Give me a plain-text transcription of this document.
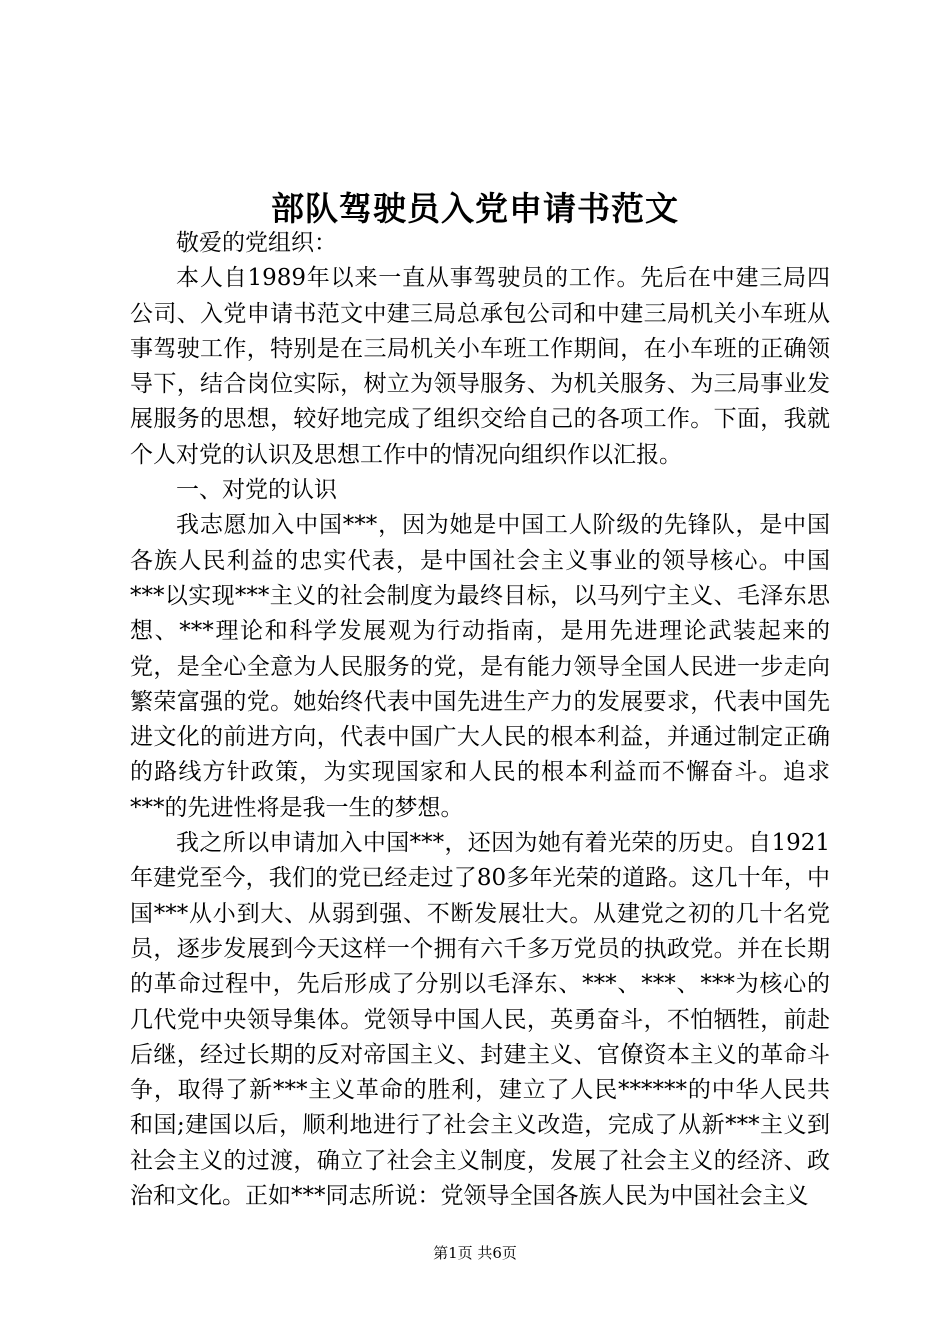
部队驾驶员入党申请书范文

敬爱的党组织：

本人自1989年以来一直从事驾驶员的工作。先后在中建三局四公司、入党申请书范文中建三局总承包公司和中建三局机关小车班从事驾驶工作，特别是在三局机关小车班工作期间，在小车班的正确领导下，结合岗位实际，树立为领导服务、为机关服务、为三局事业发展服务的思想，较好地完成了组织交给自己的各项工作。下面，我就个人对党的认识及思想工作中的情况向组织作以汇报。

一、对党的认识

我志愿加入中国***，因为她是中国工人阶级的先锋队，是中国各族人民利益的忠实代表，是中国社会主义事业的领导核心。中国***以实现***主义的社会制度为最终目标，以马列宁主义、毛泽东思想、***理论和科学发展观为行动指南，是用先进理论武装起来的党，是全心全意为人民服务的党，是有能力领导全国人民进一步走向繁荣富强的党。她始终代表中国先进生产力的发展要求，代表中国先进文化的前进方向，代表中国广大人民的根本利益，并通过制定正确的路线方针政策，为实现国家和人民的根本利益而不懈奋斗。追求***的先进性将是我一生的梦想。

我之所以申请加入中国***，还因为她有着光荣的历史。自1921年建党至今，我们的党已经走过了80多年光荣的道路。这几十年，中国***从小到大、从弱到强、不断发展壮大。从建党之初的几十名党员，逐步发展到今天这样一个拥有六千多万党员的执政党。并在长期的革命过程中，先后形成了分别以毛泽东、***、***、***为核心的几代党中央领导集体。党领导中国人民，英勇奋斗，不怕牺牲，前赴后继，经过长期的反对帝国主义、封建主义、官僚资本主义的革命斗争，取得了新***主义革命的胜利，建立了人民******的中华人民共和国;建国以后，顺利地进行了社会主义改造，完成了从新***主义到社会主义的过渡，确立了社会主义制度，发展了社会主义的经济、政治和文化。正如***同志所说：党领导全国各族人民为中国社会主义

第1页 共6页
